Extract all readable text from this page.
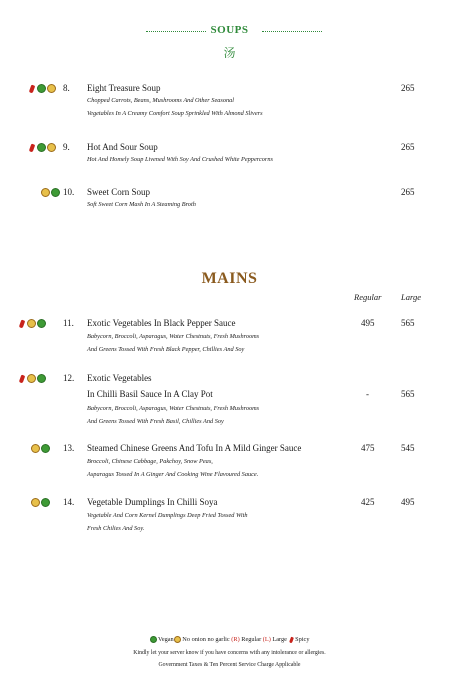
SOUPS
汤
8. Eight Treasure Soup	265
Chopped Carrots, Beans, Mushrooms And Other Seasonal
Vegetables In A Creamy Comfort Soup Sprinkled With Almond Slivers
9. Hot And Sour Soup	265
Hot And Homely Soup Livened With Soy And Crushed White Peppercorns
10. Sweet Corn Soup	265
Soft Sweet Corn Mash In A Steaming Broth
MAINS
Regular Large
11. Exotic Vegetables In Black Pepper Sauce	495	565
Babycorn, Broccoli, Asparagus, Water Chestnuts, Fresh Mushrooms
And Greens Tossed With Fresh Black Pepper, Chillies And Soy
12. Exotic Vegetables
In Chilli Basil Sauce In A Clay Pot	-	565
Babycorn, Broccoli, Asparagus, Water Chestnuts, Fresh Mushrooms
And Greens Tossed With Fresh Basil, Chillies And Soy
13. Steamed Chinese Greens And Tofu In A Mild Ginger Sauce	475	545
Broccoli, Chinese Cabbage, Pakchoy, Snow Peas,
Asparagus Tossed In A Ginger And Cooking Wine Flavoured Sauce.
14. Vegetable Dumplings In Chilli Soya	425	495
Vegetable And Corn Kernel Dumplings Deep Fried Tossed With
Fresh Chilies And Soy.
Vegan No onion no garlic (R) Regular (L) Large Spicy
Kindly let your server know if you have concerns with any intolerance or allergies.
Government Taxes & Ten Percent Service Charge Applicable
